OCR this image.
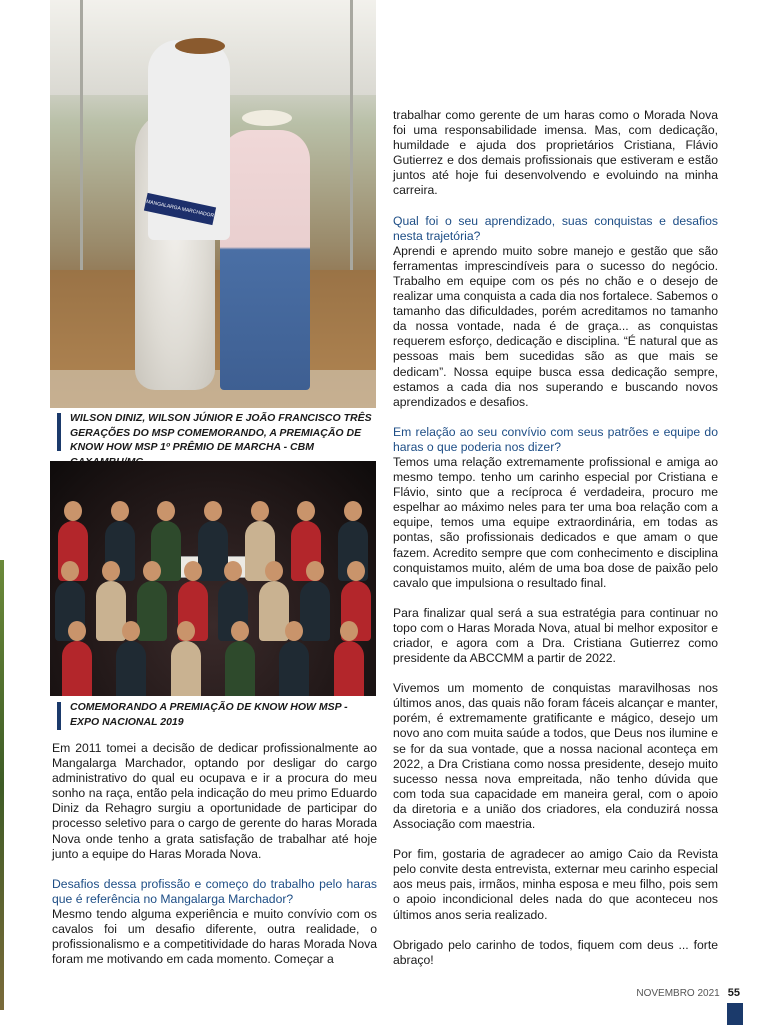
MANGALARGA MARCHADOR
WILSON DINIZ, WILSON JÚNIOR E JOÃO FRANCISCO TRÊS GERAÇÕES DO MSP COMEMORANDO, A PREMIAÇÃO DE KNOW HOW MSP 1º PRÊMIO DE MARCHA - CBM
COMEMORANDO A PREMIAÇÃO DE KNOW HOW MSP - EXPO NACIONAL 2019

Em 2011 tomei a decisão de dedicar profissionalmente ao Mangalarga Marchador, optando por desligar do cargo administrativo do qual eu ocupava e ir a procura do meu sonho na raça, então pela indicação do meu primo Eduardo Diniz da Rehagro surgiu a oportunidade de participar do processo seletivo para o cargo de gerente do haras Morada Nova onde tenho a grata satisfação de trabalhar até hoje junto a equipe do Haras Morada Nova.

Desafios dessa profissão e começo do trabalho pelo haras que é referência no Mangalarga Marchador?

Mesmo tendo alguma experiência e muito convívio com os cavalos foi um desafio diferente, outra realidade, o profissionalismo e a competitividade do haras Morada Nova foram me motivando em cada momento. Começar a

trabalhar como gerente de um haras como o Morada Nova foi uma responsabilidade imensa. Mas, com dedicação, humildade e ajuda dos proprietários Cristiana, Flávio Gutierrez e dos demais profissionais que estiveram e estão juntos até hoje fui desenvolvendo e evoluindo na minha carreira.

Qual foi o seu aprendizado, suas conquistas e desafios nesta trajetória?

Aprendi e aprendo muito sobre manejo e gestão que são ferramentas imprescindíveis para o sucesso do negócio. Trabalho em equipe com os pés no chão e o desejo de realizar uma conquista a cada dia nos fortalece. Sabemos o tamanho das dificuldades, porém acreditamos no tamanho da nossa vontade, nada é de graça... as conquistas requerem esforço, dedicação e disciplina. “É natural que as pessoas mais bem sucedidas são as que mais se dedicam”. Nossa equipe busca essa dedicação sempre, estamos a cada dia nos superando e buscando novos aprendizados e desafios.

Em relação ao seu convívio com seus patrões e equipe do haras o que poderia nos dizer?

Temos uma relação extremamente profissional e amiga ao mesmo tempo. tenho um carinho especial por Cristiana e Flávio, sinto que a recíproca é verdadeira, procuro me espelhar ao máximo neles para ter uma boa relação com a equipe, temos uma equipe extraordinária, em todas as pontas, são profissionais dedicados e que amam o que fazem. Acredito sempre que com conhecimento e disciplina conquistamos muito, além de uma boa dose de paixão pelo cavalo que impulsiona o resultado final.

Para finalizar qual será a sua estratégia para continuar no topo com o Haras Morada Nova, atual bi melhor expositor e criador, e agora com a Dra. Cristiana Gutierrez como presidente da ABCCMM a partir de 2022.

Vivemos um momento de conquistas maravilhosas nos últimos anos, das quais não foram fáceis alcançar e manter, porém, é extremamente gratificante e mágico, desejo um novo ano com muita saúde a todos, que Deus nos ilumine e se for da sua vontade, que a nossa nacional aconteça em 2022, a Dra Cristiana como nossa presidente, desejo muito sucesso nessa nova empreitada, não tenho dúvida que com toda sua capacidade em maneira geral, com o apoio da diretoria e a união dos criadores, ela conduzirá nossa Associação com maestria.

Por fim, gostaria de agradecer ao amigo Caio da Revista pelo convite desta entrevista, externar meu carinho especial aos meus pais, irmãos, minha esposa e meu filho, pois sem o apoio incondicional deles nada do que aconteceu nos últimos anos seria realizado.

Obrigado pelo carinho de todos, fiquem com deus ... forte abraço!

NOVEMBRO 2021 55
